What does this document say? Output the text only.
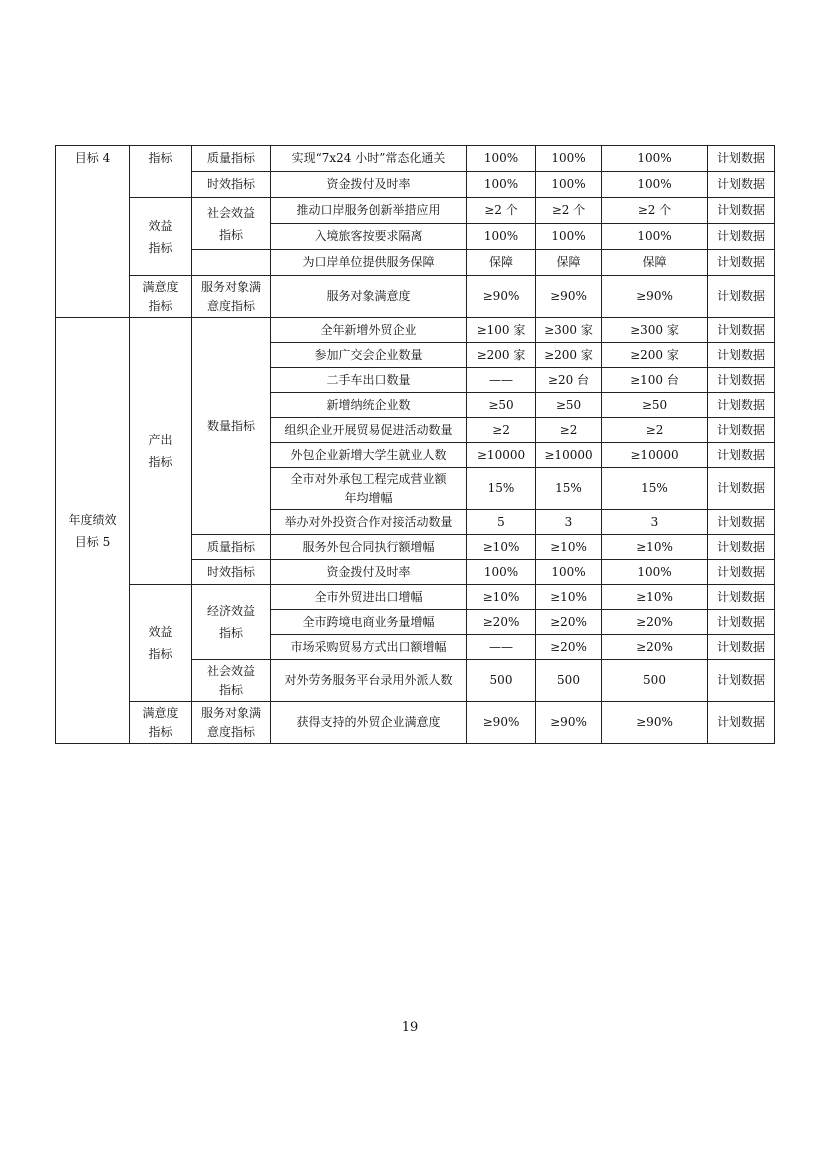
目标 4	指标	质量指标	实现“7x24 小时”常态化通关	100%	100%	100%	计划数据
		时效指标	资金拨付及时率	100%	100%	100%	计划数据
	效益指标	社会效益指标	推动口岸服务创新举措应用	≥2 个	≥2 个	≥2 个	计划数据
			入境旅客按要求隔离	100%	100%	100%	计划数据
			为口岸单位提供服务保障	保障	保障	保障	计划数据
	满意度指标	服务对象满意度指标	服务对象满意度	≥90%	≥90%	≥90%	计划数据
年度绩效目标 5	产出指标	数量指标	全年新增外贸企业	≥100 家	≥300 家	≥300 家	计划数据
			参加广交会企业数量	≥200 家	≥200 家	≥200 家	计划数据
			二手车出口数量	——	≥20 台	≥100 台	计划数据
			新增纳统企业数	≥50	≥50	≥50	计划数据
			组织企业开展贸易促进活动数量	≥2	≥2	≥2	计划数据
			外包企业新增大学生就业人数	≥10000	≥10000	≥10000	计划数据
			全市对外承包工程完成营业额年均增幅	15%	15%	15%	计划数据
			举办对外投资合作对接活动数量	5	3	3	计划数据
		质量指标	服务外包合同执行额增幅	≥10%	≥10%	≥10%	计划数据
		时效指标	资金拨付及时率	100%	100%	100%	计划数据
	效益指标	经济效益指标	全市外贸进出口增幅	≥10%	≥10%	≥10%	计划数据
			全市跨境电商业务量增幅	≥20%	≥20%	≥20%	计划数据
			市场采购贸易方式出口额增幅	——	≥20%	≥20%	计划数据
		社会效益指标	对外劳务服务平台录用外派人数	500	500	500	计划数据
	满意度指标	服务对象满意度指标	获得支持的外贸企业满意度	≥90%	≥90%	≥90%	计划数据
19
